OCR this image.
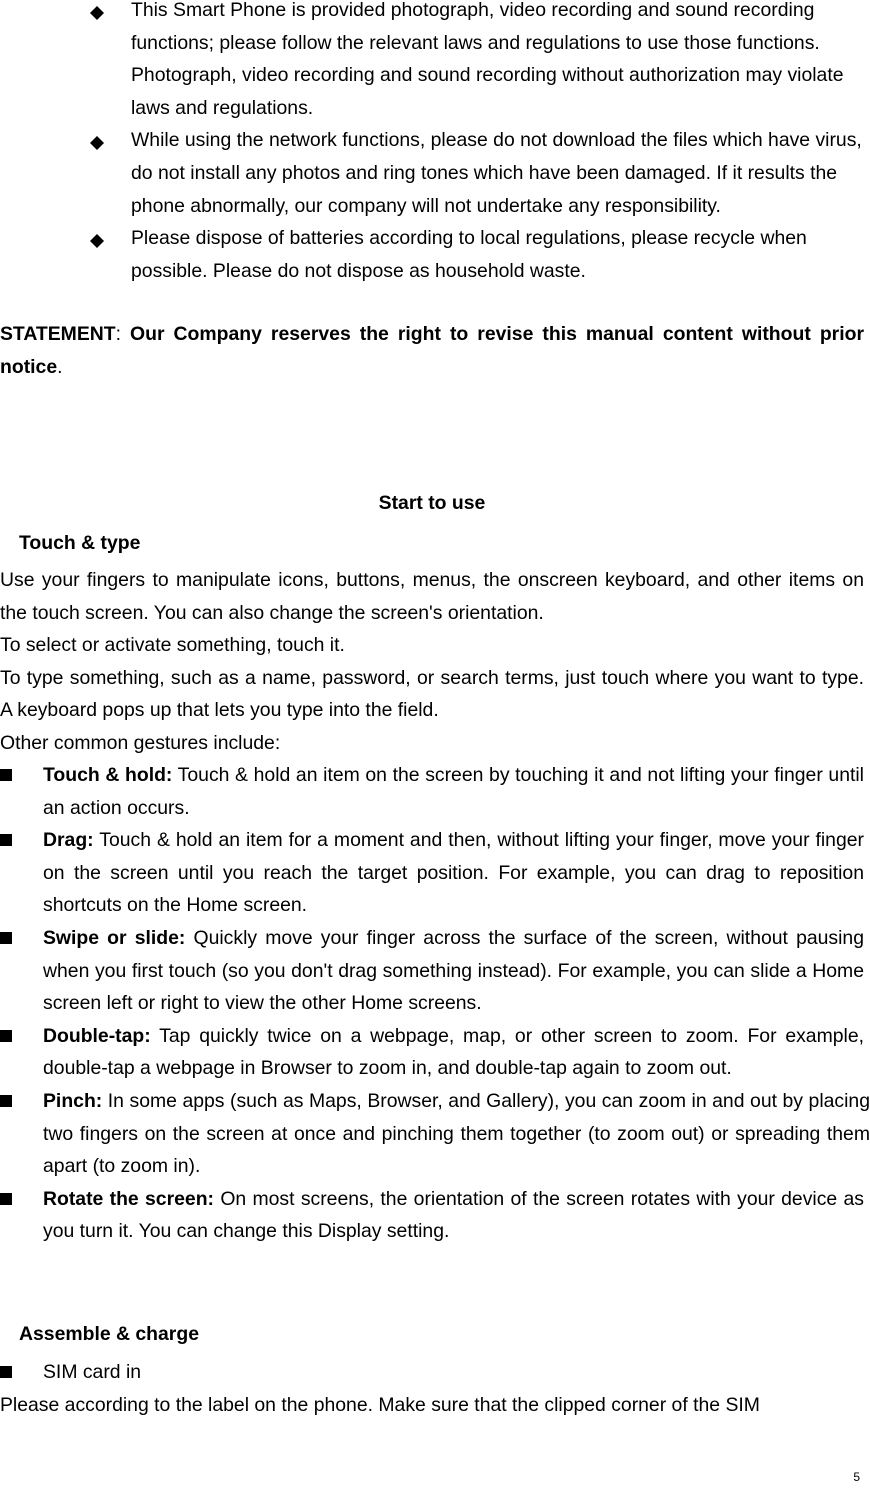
This Smart Phone is provided photograph, video recording and sound recording functions; please follow the relevant laws and regulations to use those functions. Photograph, video recording and sound recording without authorization may violate laws and regulations.
While using the network functions, please do not download the files which have virus, do not install any photos and ring tones which have been damaged. If it results the phone abnormally, our company will not undertake any responsibility.
Please dispose of batteries according to local regulations, please recycle when possible. Please do not dispose as household waste.

STATEMENT: Our Company reserves the right to revise this manual content without prior notice.

Start to use
Touch & type
Use your fingers to manipulate icons, buttons, menus, the onscreen keyboard, and other items on the touch screen. You can also change the screen's orientation.
To select or activate something, touch it.
To type something, such as a name, password, or search terms, just touch where you want to type. A keyboard pops up that lets you type into the field.
Other common gestures include:
Touch & hold: Touch & hold an item on the screen by touching it and not lifting your finger until an action occurs.
Drag: Touch & hold an item for a moment and then, without lifting your finger, move your finger on the screen until you reach the target position. For example, you can drag to reposition shortcuts on the Home screen.
Swipe or slide: Quickly move your finger across the surface of the screen, without pausing when you first touch (so you don't drag something instead). For example, you can slide a Home screen left or right to view the other Home screens.
Double-tap: Tap quickly twice on a webpage, map, or other screen to zoom. For example, double-tap a webpage in Browser to zoom in, and double-tap again to zoom out.
Pinch: In some apps (such as Maps, Browser, and Gallery), you can zoom in and out by placing two fingers on the screen at once and pinching them together (to zoom out) or spreading them apart (to zoom in).
Rotate the screen: On most screens, the orientation of the screen rotates with your device as you turn it. You can change this Display setting.
Assemble & charge
SIM card in
Please according to the label on the phone. Make sure that the clipped corner of the SIM
5
